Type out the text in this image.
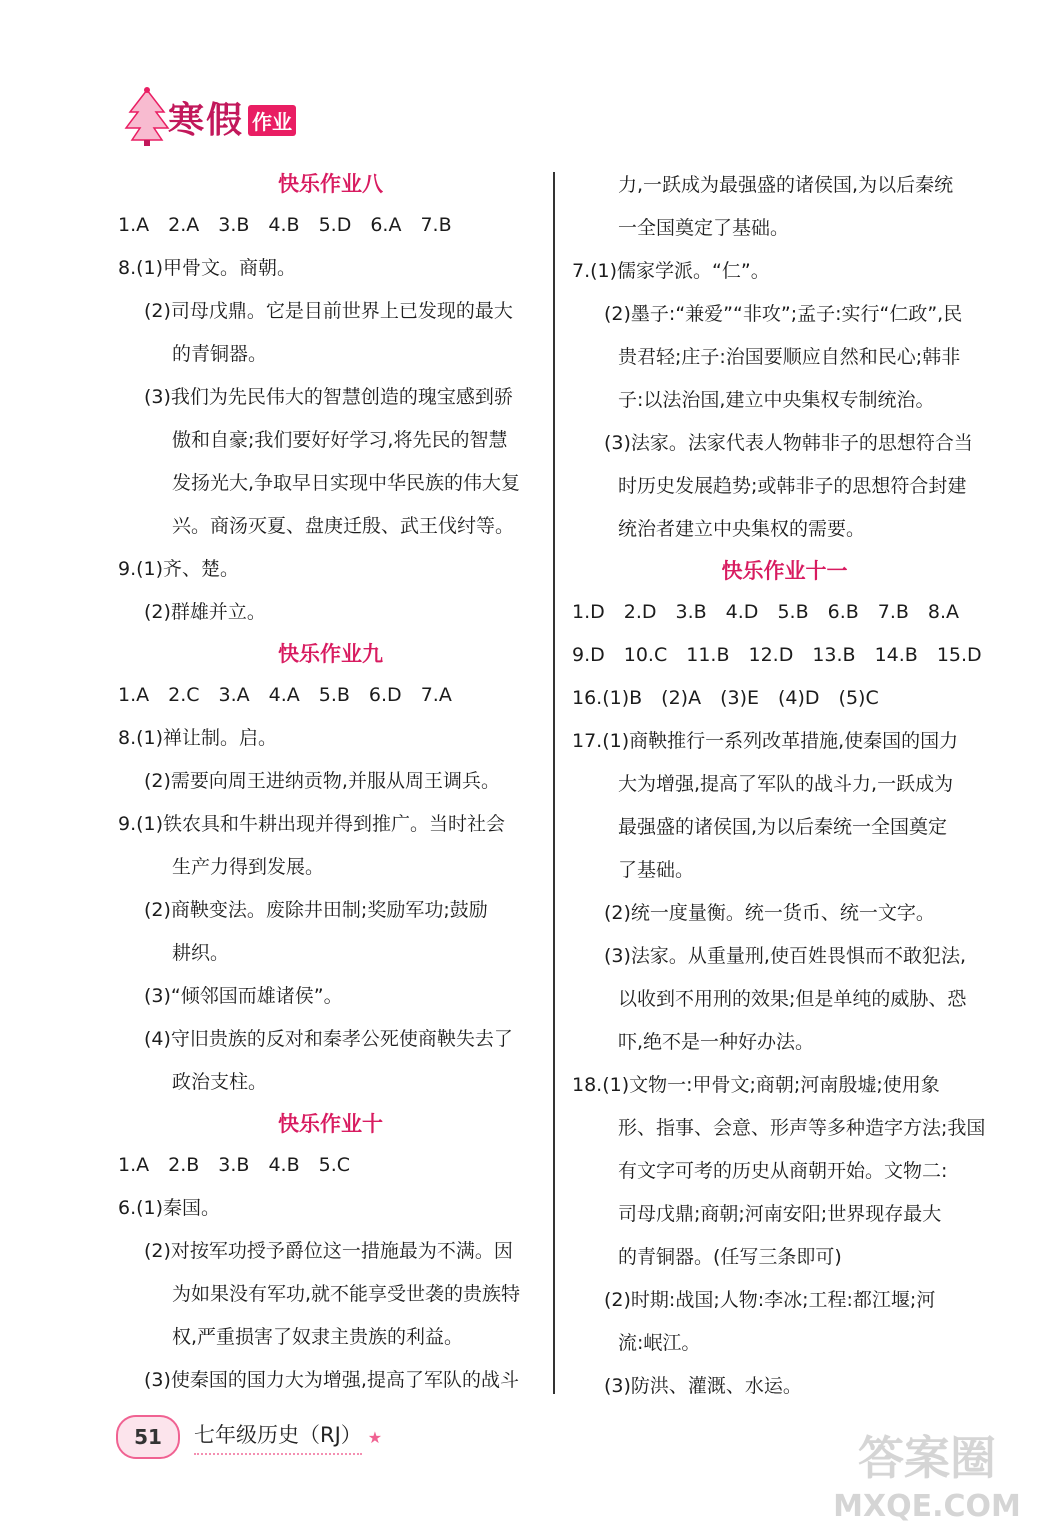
寒假 作业
快乐作业八
1.A　2.A　3.B　4.B　5.D　6.A　7.B
8.(1)甲骨文。商朝。
(2)司母戊鼎。它是目前世界上已发现的最大
的青铜器。
(3)我们为先民伟大的智慧创造的瑰宝感到骄
傲和自豪;我们要好好学习,将先民的智慧
发扬光大,争取早日实现中华民族的伟大复
兴。商汤灭夏、盘庚迁殷、武王伐纣等。
9.(1)齐、楚。
(2)群雄并立。
快乐作业九
1.A　2.C　3.A　4.A　5.B　6.D　7.A
8.(1)禅让制。启。
(2)需要向周王进纳贡物,并服从周王调兵。
9.(1)铁农具和牛耕出现并得到推广。当时社会
生产力得到发展。
(2)商鞅变法。废除井田制;奖励军功;鼓励
耕织。
(3)“倾邻国而雄诸侯”。
(4)守旧贵族的反对和秦孝公死使商鞅失去了
政治支柱。
快乐作业十
1.A　2.B　3.B　4.B　5.C
6.(1)秦国。
(2)对按军功授予爵位这一措施最为不满。因
为如果没有军功,就不能享受世袭的贵族特
权,严重损害了奴隶主贵族的利益。
(3)使秦国的国力大为增强,提高了军队的战斗
力,一跃成为最强盛的诸侯国,为以后秦统
一全国奠定了基础。
7.(1)儒家学派。“仁”。
(2)墨子:“兼爱”“非攻”;孟子:实行“仁政”,民
贵君轻;庄子:治国要顺应自然和民心;韩非
子:以法治国,建立中央集权专制统治。
(3)法家。法家代表人物韩非子的思想符合当
时历史发展趋势;或韩非子的思想符合封建
统治者建立中央集权的需要。
快乐作业十一
1.D　2.D　3.B　4.D　5.B　6.B　7.B　8.A
9.D　10.C　11.B　12.D　13.B　14.B　15.D
16.(1)B　(2)A　(3)E　(4)D　(5)C
17.(1)商鞅推行一系列改革措施,使秦国的国力
大为增强,提高了军队的战斗力,一跃成为
最强盛的诸侯国,为以后秦统一全国奠定
了基础。
(2)统一度量衡。统一货币、统一文字。
(3)法家。从重量刑,使百姓畏惧而不敢犯法,
以收到不用刑的效果;但是单纯的威胁、恐
吓,绝不是一种好办法。
18.(1)文物一:甲骨文;商朝;河南殷墟;使用象
形、指事、会意、形声等多种造字方法;我国
有文字可考的历史从商朝开始。文物二:
司母戊鼎;商朝;河南安阳;世界现存最大
的青铜器。(任写三条即可)
(2)时期:战国;人物:李冰;工程:都江堰;河
流:岷江。
(3)防洪、灌溉、水运。
51	七年级历史（RJ） ★	答案圈
MXQE.COM
